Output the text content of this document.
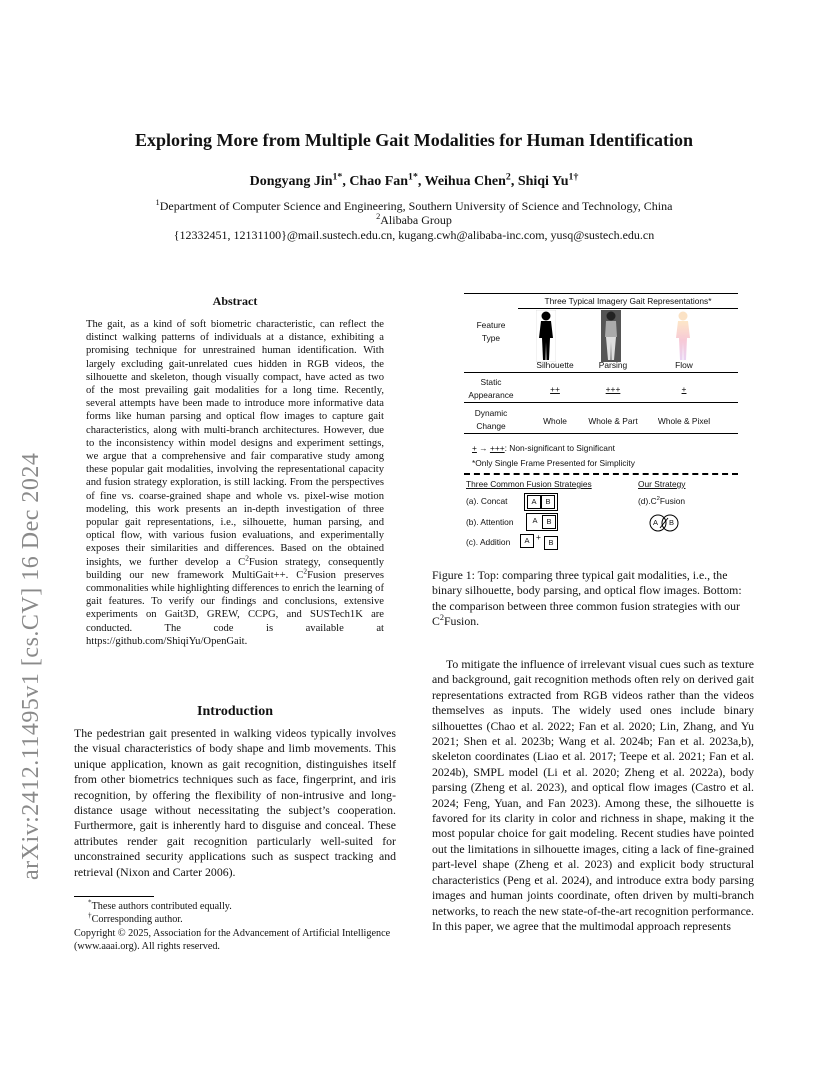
arXiv:2412.11495v1 [cs.CV] 16 Dec 2024
Exploring More from Multiple Gait Modalities for Human Identification
Dongyang Jin$^{1*}$, Chao Fan$^{1*}$, Weihua Chen$^2$, Shiqi $Yu^{1\dagger}$
$^1$Department of Computer Science and Engineering, Southern University of Science and Technology, China
$^2$Alibaba Group
{12332451, 12131100}@mail.sustech.edu.cn, kugang.cwh@alibaba-inc.com, yusq@sustech.edu.cn
Abstract
The gait, as a kind of soft biometric characteristic, can reflect the distinct walking patterns of individuals at a distance, exhibiting a promising technique for unrestrained human identification. With largely excluding gait-unrelated cues hidden in RGB videos, the silhouette and skeleton, though visually compact, have acted as two of the most prevailing gait modalities for a long time. Recently, several attempts have been made to introduce more informative data forms like human parsing and optical flow images to capture gait characteristics, along with multi-branch architectures. However, due to the inconsistency within model designs and experiment settings, we argue that a comprehensive and fair comparative study among these popular gait modalities, involving the representational capacity and fusion strategy exploration, is still lacking. From the perspectives of fine vs. coarse-grained shape and whole vs. pixel-wise motion modeling, this work presents an in-depth investigation of three popular gait representations, i.e., silhouette, human parsing, and optical flow, with various fusion evaluations, and experimentally exposes their similarities and differences. Based on the obtained insights, we further develop a $C^2Fusion$ strategy, consequently building our new framework MultiGait++. $C^2Fusion$ preserves commonalities while highlighting differences to enrich the learning of gait features. To verify our findings and conclusions, extensive experiments on Gait3D, GREW, CCPG, and SUSTech1K are conducted. The code is available at https://github.com/ShiqiYu/OpenGait.
Introduction
The pedestrian gait presented in walking videos typically involves the visual characteristics of body shape and limb movements. This unique application, known as gait recognition, distinguishes itself from other biometrics techniques such as face, fingerprint, and iris recognition, by offering the flexibility of non-intrusive and long-distance usage without necessitating the subject’s cooperation. Furthermore, gait is inherently hard to disguise and conceal. These attributes render gait recognition particularly well-suited for unconstrained security applications such as suspect tracking and retrieval (Nixon and Carter 2006).
*These authors contributed equally.
†Corresponding author.
Copyright © 2025, Association for the Advancement of Artificial Intelligence (www.aaai.org). All rights reserved.
Three Typical Imagery Gait Representations*
Feature
Type
Silhouette	Parsing	Flow
Static
Appearance
++	+++	+
Dynamic
Change	Whole	Whole & Part	Whole & Pixel
+ → +++: Non-significant to Significant
*Only Single Frame Presented for Simplicity
Three Common Fusion Strategies	Our Strategy
(a). Concat	A	B
(b). Attention	A	B
(c). Addition	A +
B
$(d).C^2Fusion$
A B
Figure 1: Top: comparing three typical gait modalities, i.e., the binary silhouette, body parsing, and optical flow images. Bottom: the comparison between three common fusion strategies with our $C^2Fusion$.
To mitigate the influence of irrelevant visual cues such as texture and background, gait recognition methods often rely on derived gait representations extracted from RGB videos rather than the videos themselves as inputs. The widely used ones include binary silhouettes (Chao et al. 2022; Fan et al. 2020; Lin, Zhang, and Yu 2021; Shen et al. 2023b; Wang et al. 2024b; Fan et al. 2023a,b), skeleton coordinates (Liao et al. 2017; Teepe et al. 2021; Fan et al. 2024b), SMPL model (Li et al. 2020; Zheng et al. 2022a), body parsing (Zheng et al. 2023), and optical flow images (Castro et al. 2024; Feng, Yuan, and Fan 2023). Among these, the silhouette is favored for its clarity in color and richness in shape, making it the most popular choice for gait modeling. Recent studies have pointed out the limitations in silhouette images, citing a lack of fine-grained part-level shape (Zheng et al. 2023) and explicit body structural characteristics (Peng et al. 2024), and introduce extra body parsing images and human joints coordinate, often driven by multi-branch networks, to reach the new state-of-the-art recognition performance. In this paper, we agree that the multimodal approach represents
